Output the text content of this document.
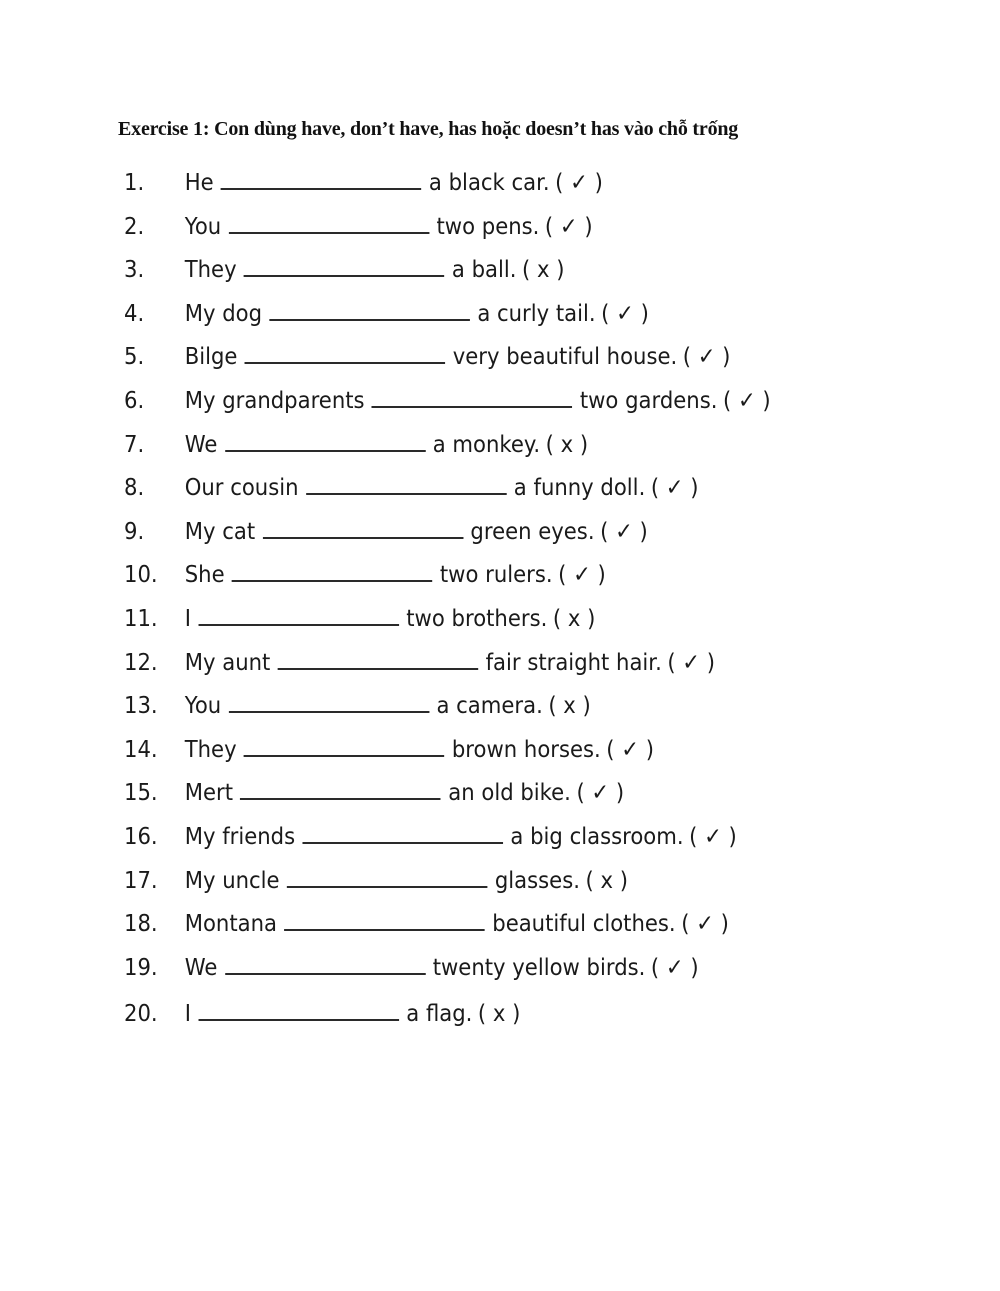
Exercise 1: Con dùng have, don’t have, has hoặc doesn’t has vào chỗ trống
1.	He	a black car. ( ✓ )
2.	You	two pens. ( ✓ )
3.	They	a ball. ( x )
4.	My dog	a curly tail. ( ✓ )
5.	Bilge	very beautiful house. ( ✓ )
6.	My grandparents	two gardens. ( ✓ )
7.	We	a monkey. ( x )
8.	Our cousin	a funny doll. ( ✓ )
9.	My cat	green eyes. ( ✓ )
10.	She	two rulers. ( ✓ )
11.	I	two brothers. ( x )
12.	My aunt	fair straight hair. ( ✓ )
13.	You	a camera. ( x )
14.	They	brown horses. ( ✓ )
15.	Mert	an old bike. ( ✓ )
16.	My friends	a big classroom. ( ✓ )
17.	My uncle	glasses. ( x )
18.	Montana	beautiful clothes. ( ✓ )
19.	We	twenty yellow birds. ( ✓ )
20.	I	a flag. ( x )
